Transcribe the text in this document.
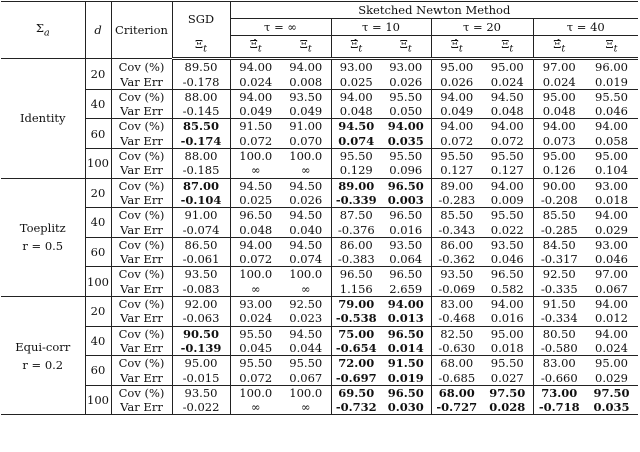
$\Sigma_a$	d	Criterion	SGD	Sketched Newton Method							
				τ = ∞		τ = 10		τ = 20		τ = 40	
			$\Xi_t$	$\Xî_t$	$\Xi_t$	$\Xî_t$	$\Xi_t$	$\Xî_t$	$\Xi_t$	$\Xî_t$	$\Xi_t$

Identity	20	Cov (%)	89.50	94.00	94.00	93.00	93.00	95.00	95.00	97.00	96.00
		Var Err	-0.178	0.024	0.008	0.025	0.026	0.026	0.024	0.024	0.019
	40	Cov (%)	88.00	94.00	93.50	94.00	95.50	94.00	94.50	95.00	95.50
		Var Err	-0.145	0.049	0.049	0.048	0.050	0.049	0.048	0.048	0.046
	60	Cov (%)	85.50	91.50	91.00	94.50	94.00	94.00	94.00	94.00	94.00
		Var Err	-0.174	0.072	0.070	0.074	0.035	0.072	0.072	0.073	0.058
	100	Cov (%)	88.00	100.0	100.0	95.50	95.50	95.50	95.50	95.00	95.00
		Var Err	-0.185	∞	∞	0.129	0.096	0.127	0.127	0.126	0.104

Toeplitz
r = 0.5	20	Cov (%)	87.00	94.50	94.50	89.00	96.50	89.00	94.00	90.00	93.00
		Var Err	-0.104	0.025	0.026	-0.339	0.003	-0.283	0.009	-0.208	0.018
	40	Cov (%)	91.00	96.50	94.50	87.50	96.50	85.50	95.50	85.50	94.00
		Var Err	-0.074	0.048	0.040	-0.376	0.016	-0.343	0.022	-0.285	0.029
	60	Cov (%)	86.50	94.00	94.50	86.00	93.50	86.00	93.50	84.50	93.00
		Var Err	-0.061	0.072	0.074	-0.383	0.064	-0.362	0.046	-0.317	0.046
	100	Cov (%)	93.50	100.0	100.0	96.50	96.50	93.50	96.50	92.50	97.00
		Var Err	-0.083	∞	∞	1.156	2.659	-0.069	0.582	-0.335	0.067

Equi-corr
r = 0.2	20	Cov (%)	92.00	93.00	92.50	79.00	94.00	83.00	94.00	91.50	94.00
		Var Err	-0.063	0.024	0.023	-0.538	0.013	-0.468	0.016	-0.334	0.012
	40	Cov (%)	90.50	95.50	94.50	75.00	96.50	82.50	95.00	80.50	94.00
		Var Err	-0.139	0.045	0.044	-0.654	0.014	-0.630	0.018	-0.580	0.024
	60	Cov (%)	95.00	95.50	95.50	72.00	91.50	68.00	95.50	83.00	95.00
		Var Err	-0.015	0.072	0.067	-0.697	0.019	-0.685	0.027	-0.660	0.029
	100	Cov (%)	93.50	100.0	100.0	69.50	96.50	68.00	97.50	73.00	97.50
		Var Err	-0.022	∞	∞	-0.732	0.030	-0.727	0.028	-0.718	0.035
